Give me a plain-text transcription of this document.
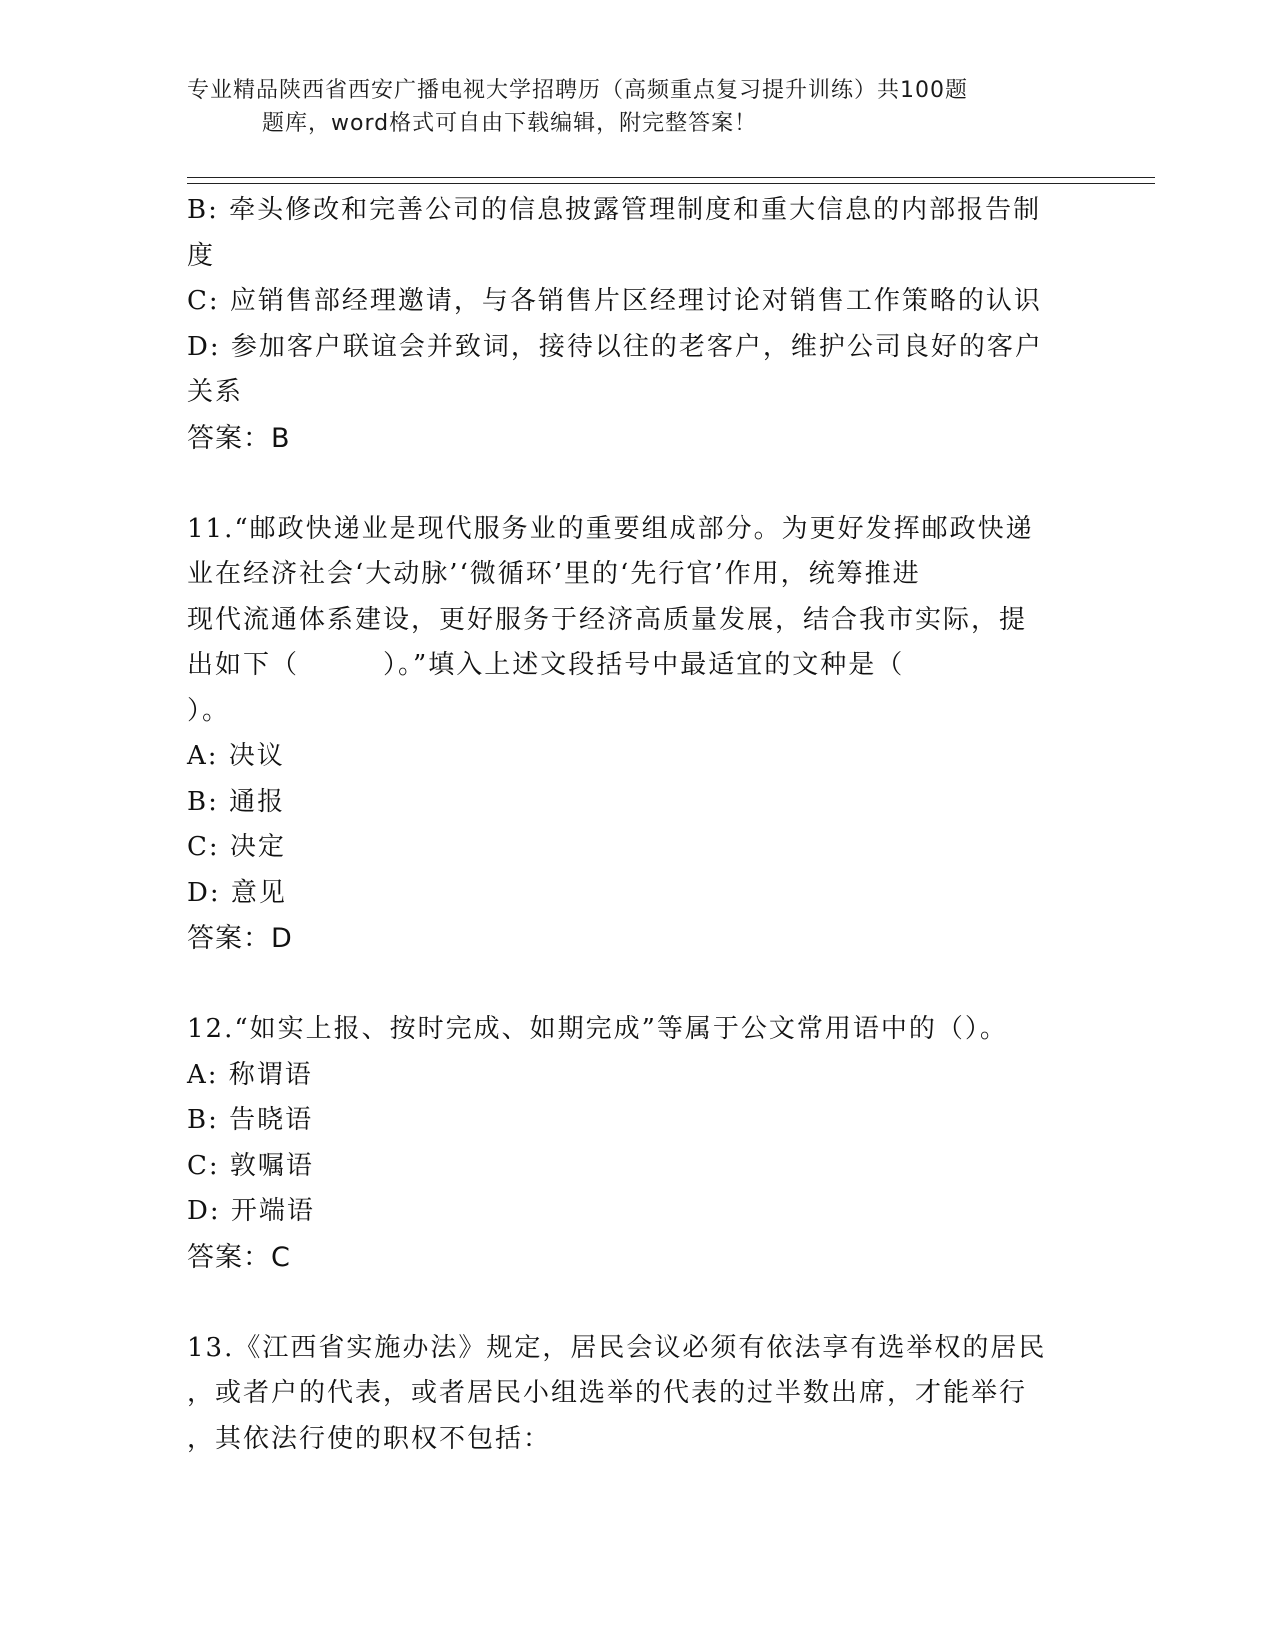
专业精品陕西省西安广播电视大学招聘历（高频重点复习提升训练）共100题
题库，word格式可自由下载编辑，附完整答案！
B: 牵头修改和完善公司的信息披露管理制度和重大信息的内部报告制
度
C: 应销售部经理邀请，与各销售片区经理讨论对销售工作策略的认识
D: 参加客户联谊会并致词，接待以往的老客户，维护公司良好的客户
关系
答案：B
11.“邮政快递业是现代服务业的重要组成部分。为更好发挥邮政快递
业在经济社会‘大动脉’‘微循环’里的‘先行官’作用，统筹推进
现代流通体系建设，更好服务于经济高质量发展，结合我市实际，提
出如下（　　　）。”填入上述文段括号中最适宜的文种是（
）。
A: 决议
B: 通报
C: 决定
D: 意见
答案：D
12.“如实上报、按时完成、如期完成”等属于公文常用语中的（）。
A: 称谓语
B: 告晓语
C: 敦嘱语
D: 开端语
答案：C
13.《江西省实施办法》规定，居民会议必须有依法享有选举权的居民
，或者户的代表，或者居民小组选举的代表的过半数出席，才能举行
，其依法行使的职权不包括：
